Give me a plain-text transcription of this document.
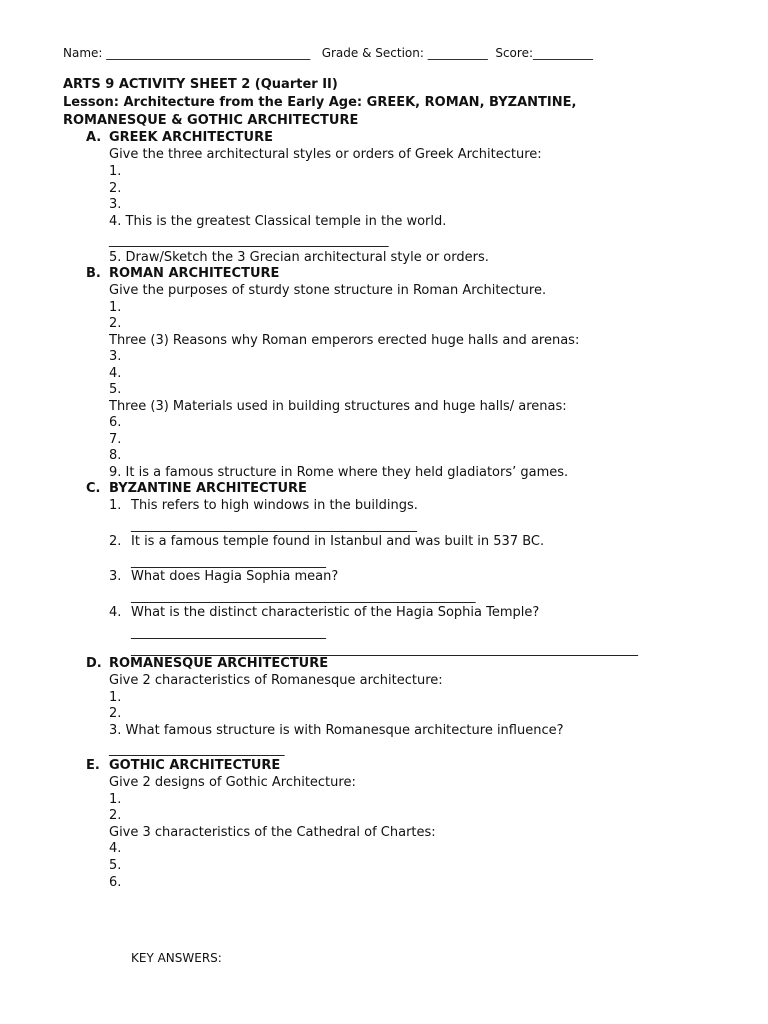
Name: __________________________________   Grade & Section: __________  Score:__________
ARTS 9 ACTIVITY SHEET 2 (Quarter II)
Lesson: Architecture from the Early Age: GREEK, ROMAN, BYZANTINE,
ROMANESQUE & GOTHIC ARCHITECTURE
A. GREEK ARCHITECTURE
Give the three architectural styles or orders of Greek Architecture:
1.
2.
3.
4. This is the greatest Classical temple in the world.
___________________________________________
5. Draw/Sketch the 3 Grecian architectural style or orders.
B. ROMAN ARCHITECTURE
Give the purposes of sturdy stone structure in Roman Architecture.
1.
2.
Three (3) Reasons why Roman emperors erected huge halls and arenas:
3.
4.
5.
Three (3) Materials used in building structures and huge halls/ arenas:
6.
7.
8.
9. It is a famous structure in Rome where they held gladiators’ games.
C. BYZANTINE ARCHITECTURE
1. This refers to high windows in the buildings.
____________________________________________
2. It is a famous temple found in Istanbul and was built in 537 BC.
______________________________
3. What does Hagia Sophia mean?
_____________________________________________________
4. What is the distinct characteristic of the Hagia Sophia Temple?
______________________________
______________________________________________________________________________
D. ROMANESQUE ARCHITECTURE
Give 2 characteristics of Romanesque architecture:
1.
2.
3. What famous structure is with Romanesque architecture influence?
___________________________
E. GOTHIC ARCHITECTURE
Give 2 designs of Gothic Architecture:
1.
2.
Give 3 characteristics of the Cathedral of Chartes:
4.
5.
6.
KEY ANSWERS:
